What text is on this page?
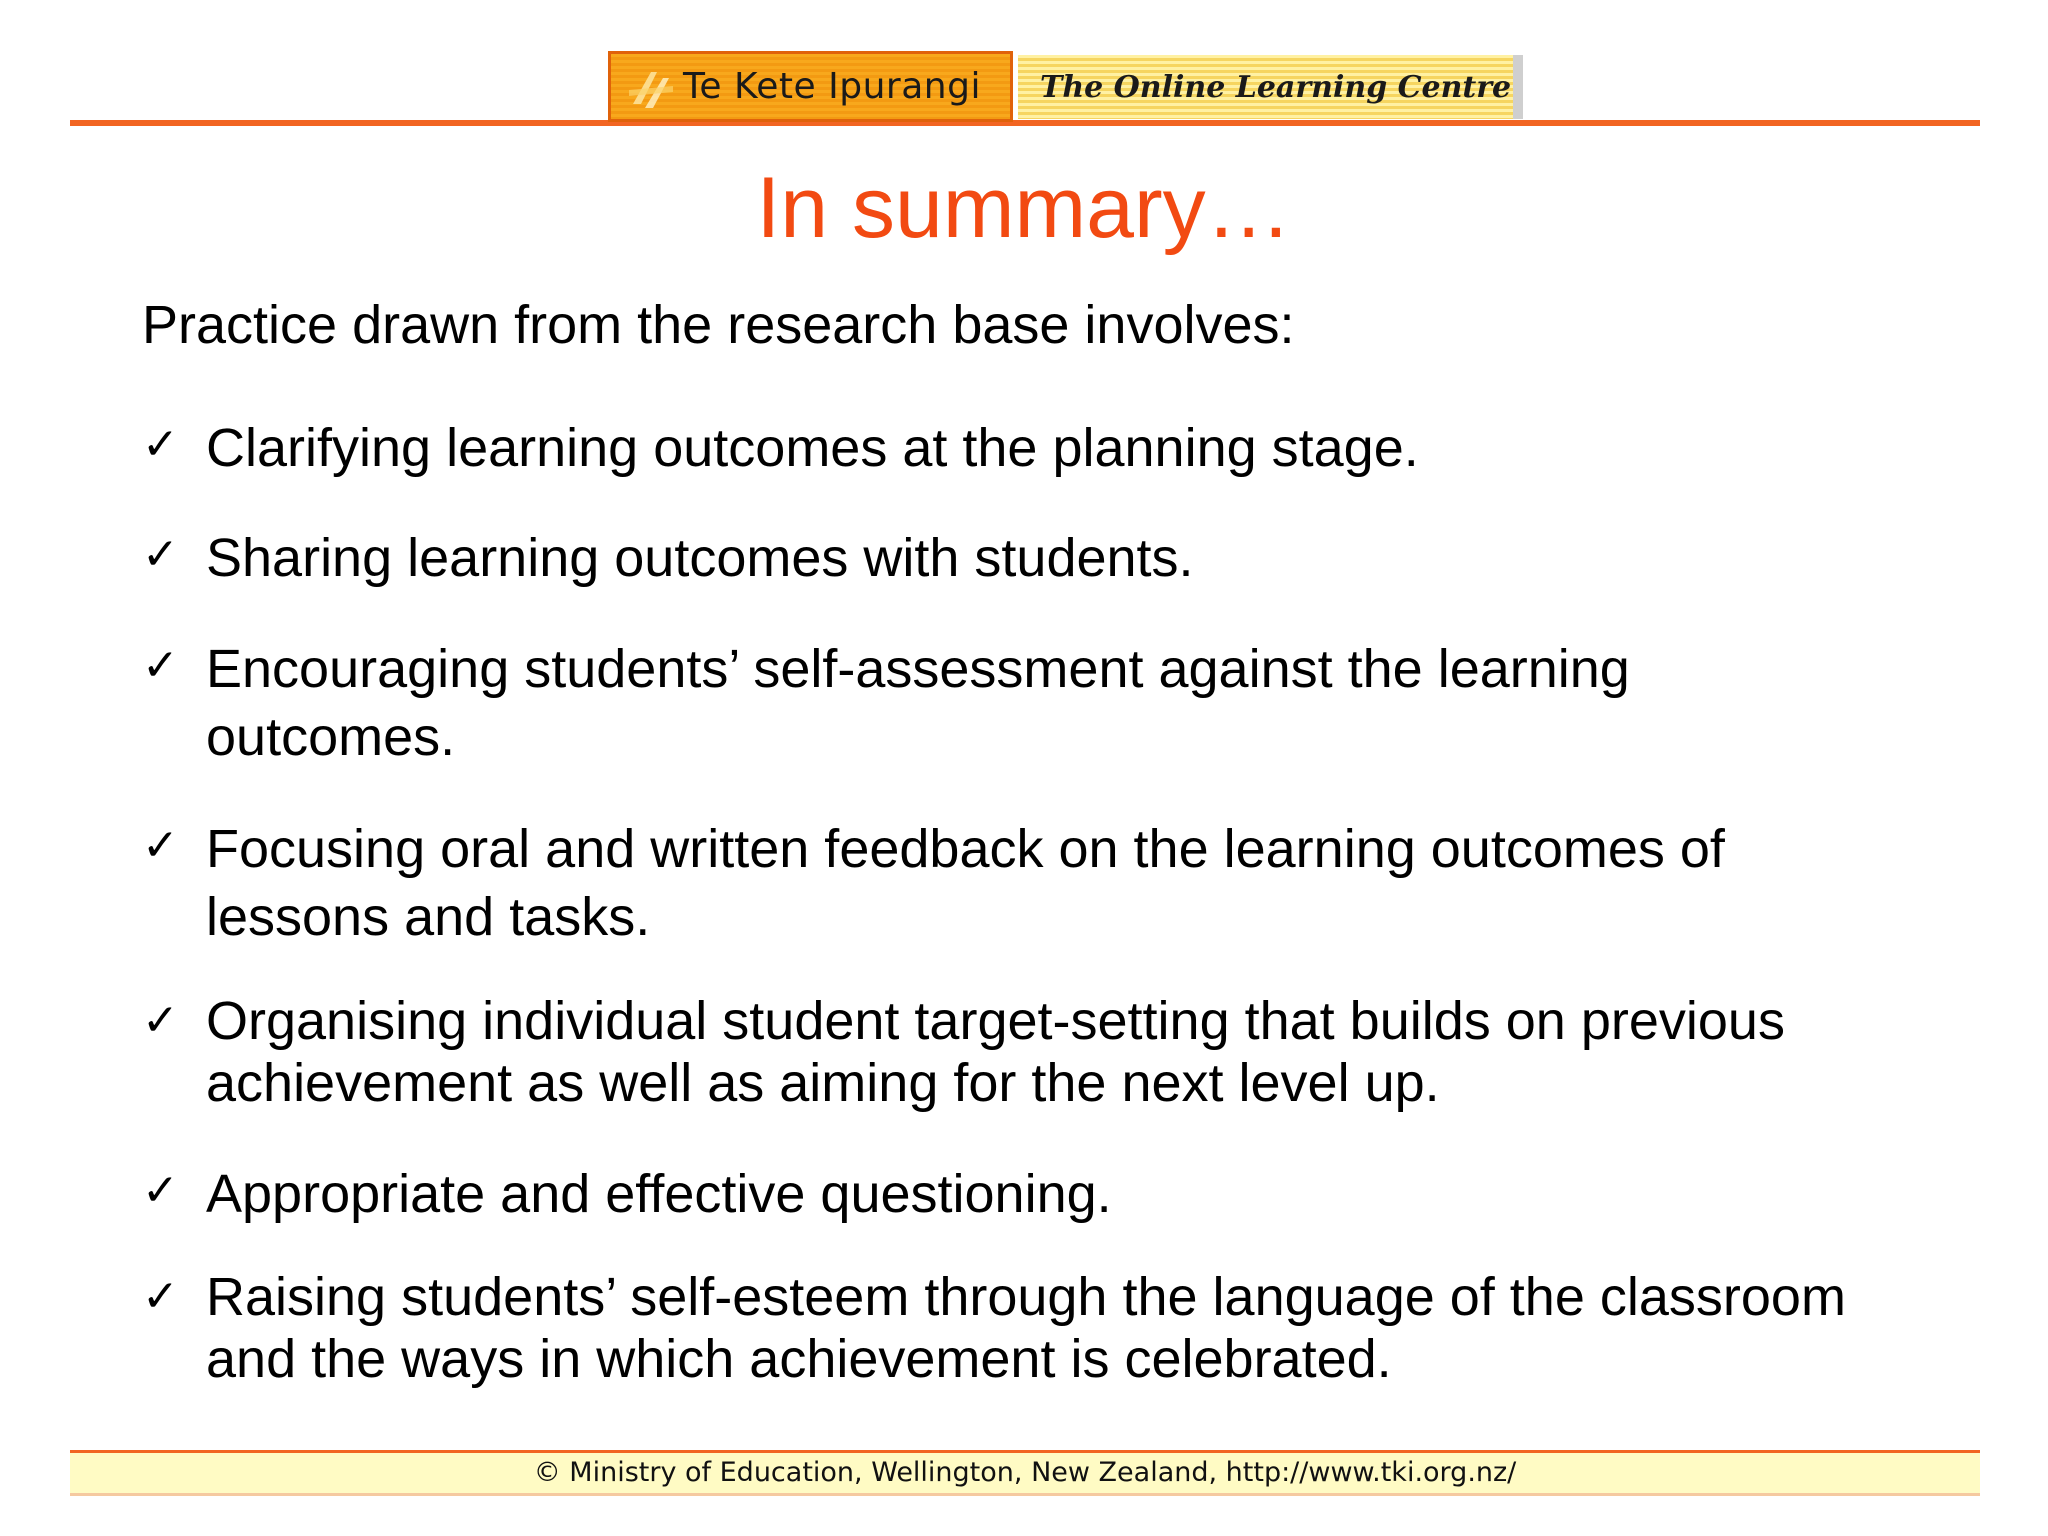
Te Kete Ipurangi The Online Learning Centre
In summary…

Practice drawn from the research base involves:

✓ Clarifying learning outcomes at the planning stage.

✓ Sharing learning outcomes with students.

✓ Encouraging students’ self-assessment against the learning
outcomes.

✓ Focusing oral and written feedback on the learning outcomes of
lessons and tasks.

✓ Organising individual student target-setting that builds on previous
achievement as well as aiming for the next level up.

✓ Appropriate and effective questioning.

✓ Raising students’ self-esteem through the language of the classroom
and the ways in which achievement is celebrated.

© Ministry of Education, Wellington, New Zealand, http://www.tki.org.nz/
